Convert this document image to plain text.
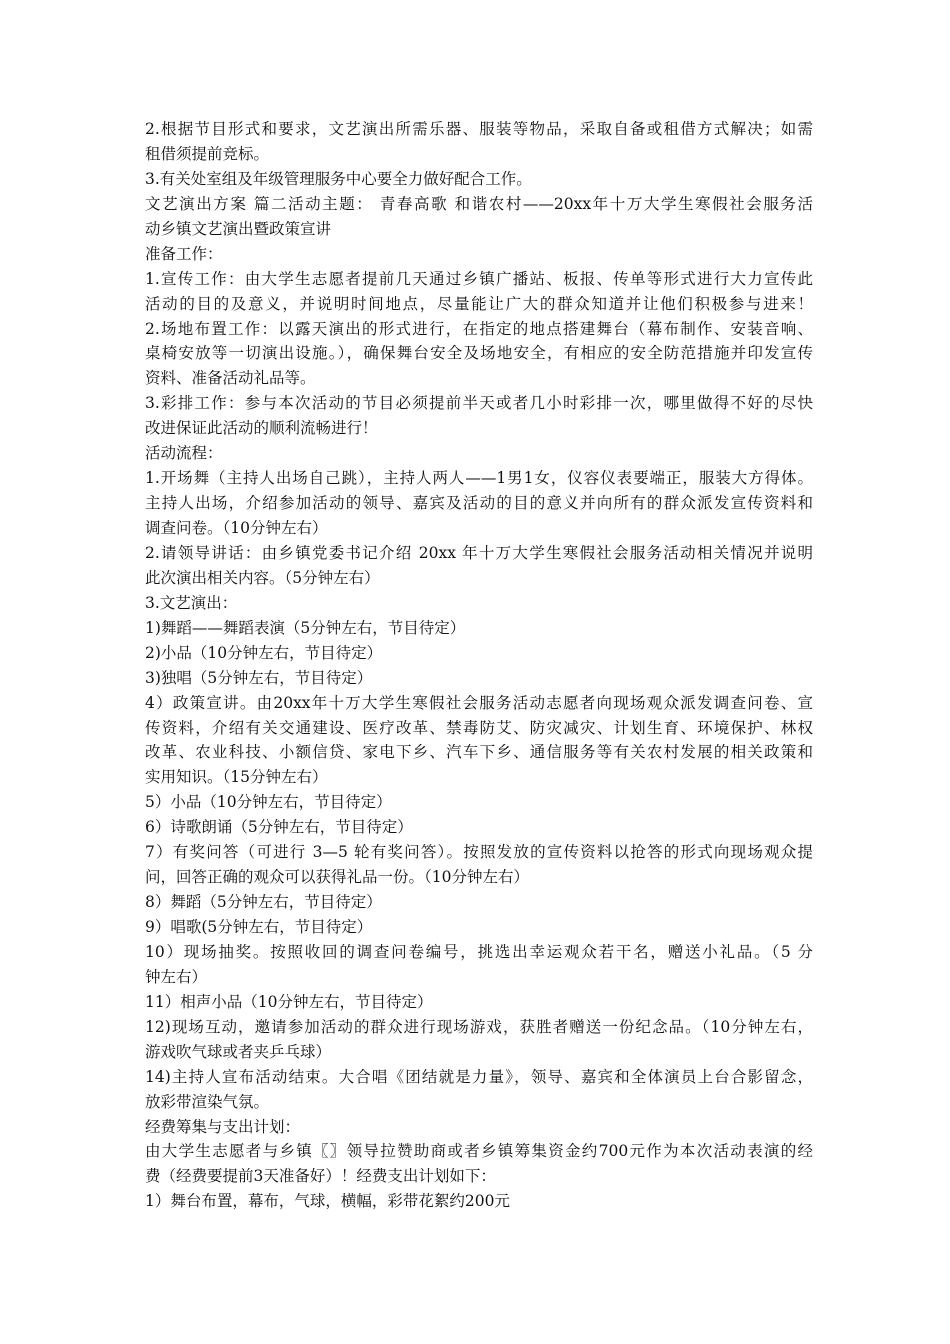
2.根据节目形式和要求，文艺演出所需乐器、服装等物品，采取自备或租借方式解决；如需
租借须提前竞标。
3.有关处室组及年级管理服务中心要全力做好配合工作。
文艺演出方案 篇二活动主题： 青春高歌 和谐农村——20xx年十万大学生寒假社会服务活
动乡镇文艺演出暨政策宣讲
准备工作：
1.宣传工作：由大学生志愿者提前几天通过乡镇广播站、板报、传单等形式进行大力宣传此
活动的目的及意义，并说明时间地点，尽量能让广大的群众知道并让他们积极参与进来！
2.场地布置工作：以露天演出的形式进行，在指定的地点搭建舞台（幕布制作、安装音响、
桌椅安放等一切演出设施。），确保舞台安全及场地安全，有相应的安全防范措施并印发宣传
资料、准备活动礼品等。
3.彩排工作：参与本次活动的节目必须提前半天或者几小时彩排一次，哪里做得不好的尽快
改进保证此活动的顺利流畅进行！
活动流程：
1.开场舞（主持人出场自己跳），主持人两人——1男1女，仪容仪表要端正，服装大方得体。
主持人出场，介绍参加活动的领导、嘉宾及活动的目的意义并向所有的群众派发宣传资料和
调查问卷。（10分钟左右）
2.请领导讲话：由乡镇党委书记介绍 20xx 年十万大学生寒假社会服务活动相关情况并说明
此次演出相关内容。（5分钟左右）
3.文艺演出：
1)舞蹈——舞蹈表演（5分钟左右，节目待定）
2)小品（10分钟左右，节目待定）
3)独唱（5分钟左右，节目待定）
4）政策宣讲。由20xx年十万大学生寒假社会服务活动志愿者向现场观众派发调查问卷、宣
传资料，介绍有关交通建设、医疗改革、禁毒防艾、防灾减灾、计划生育、环境保护、林权
改革、农业科技、小额信贷、家电下乡、汽车下乡、通信服务等有关农村发展的相关政策和
实用知识。（15分钟左右）
5）小品（10分钟左右，节目待定）
6）诗歌朗诵（5分钟左右，节目待定）
7）有奖问答（可进行 3—5 轮有奖问答）。按照发放的宣传资料以抢答的形式向现场观众提
问，回答正确的观众可以获得礼品一份。（10分钟左右）
8）舞蹈（5分钟左右，节目待定）
9）唱歌(5分钟左右，节目待定）
10）现场抽奖。按照收回的调查问卷编号，挑选出幸运观众若干名，赠送小礼品。（5 分
钟左右）
11）相声小品（10分钟左右，节目待定）
12)现场互动，邀请参加活动的群众进行现场游戏，获胜者赠送一份纪念品。（10分钟左右，
游戏吹气球或者夹乒乓球）
14)主持人宣布活动结束。大合唱《团结就是力量》，领导、嘉宾和全体演员上台合影留念，
放彩带渲染气氛。
经费筹集与支出计划：
由大学生志愿者与乡镇〖〗领导拉赞助商或者乡镇筹集资金约700元作为本次活动表演的经
费（经费要提前3天准备好）！经费支出计划如下：
1）舞台布置，幕布，气球，横幅，彩带花絮约200元
